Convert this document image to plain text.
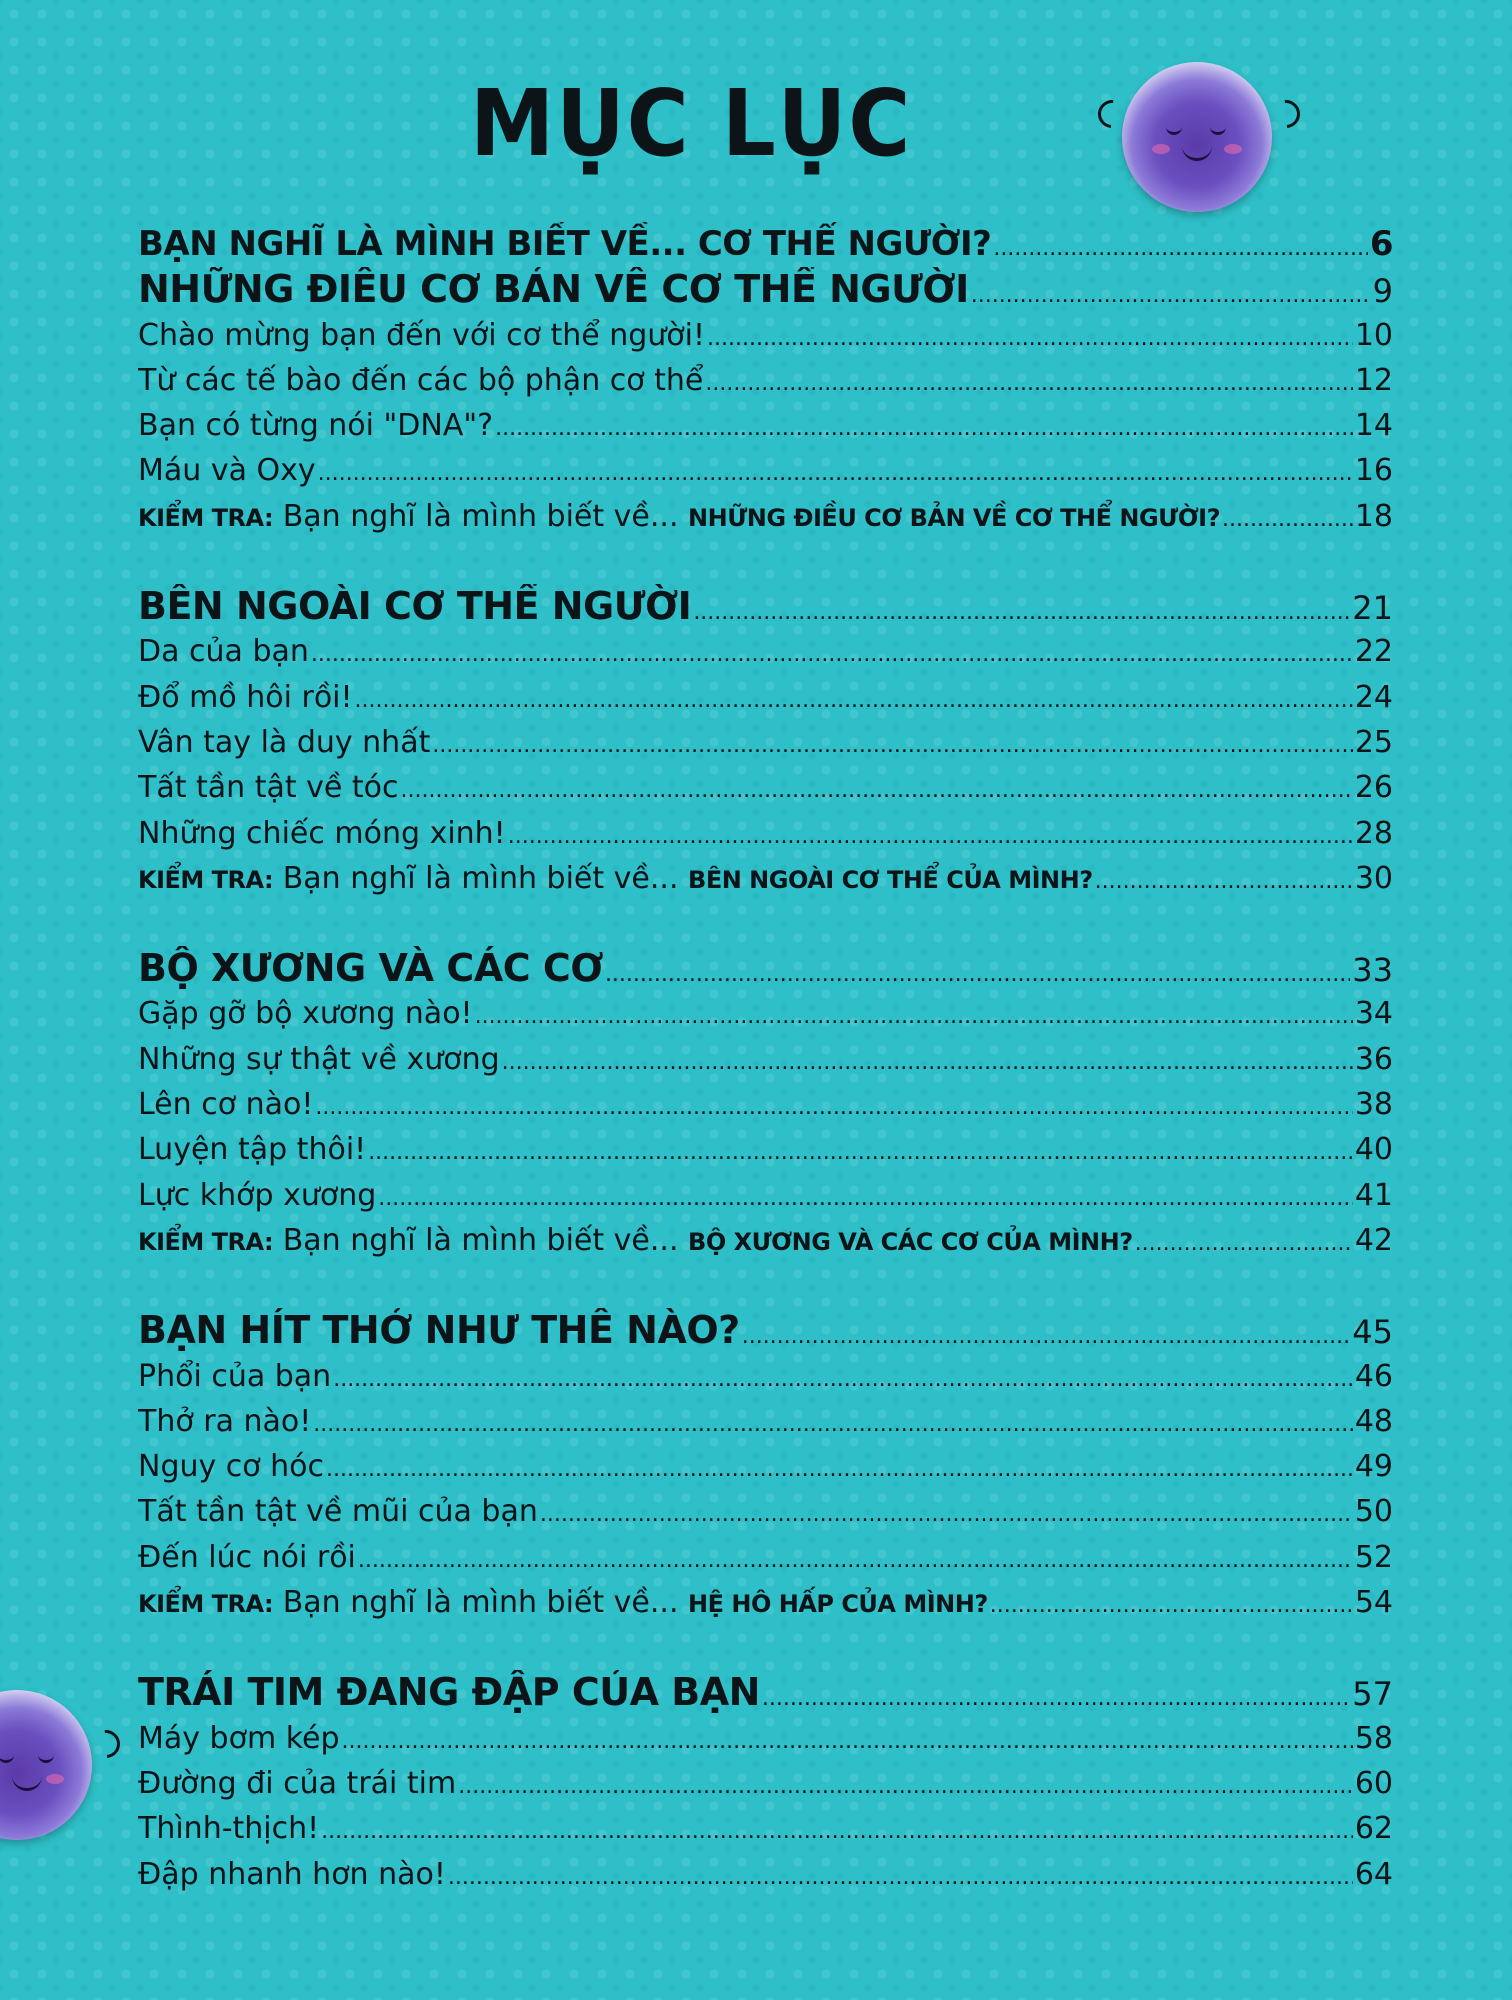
MỤC LỤC
BẠN NGHĨ LÀ MÌNH BIẾT VỀ... CƠ THỂ NGƯỜI? .....	6
NHỮNG ĐIỀU CƠ BẢN VỀ CƠ THỂ NGƯỜI .....	9
Chào mừng bạn đến với cơ thể người! .....	10
Từ các tế bào đến các bộ phận cơ thể .....	12
Bạn có từng nói "DNA"? .....	14
Máu và Oxy .....	16
KIỂM TRA: Bạn nghĩ là mình biết về... NHỮNG ĐIỀU CƠ BẢN VỀ CƠ THỂ NGƯỜI? .....	18
BÊN NGOÀI CƠ THỂ NGƯỜI .....	21
Da của bạn .....	22
Đổ mồ hôi rồi! .....	24
Vân tay là duy nhất .....	25
Tất tần tật về tóc .....	26
Những chiếc móng xinh! .....	28
KIỂM TRA: Bạn nghĩ là mình biết về... BÊN NGOÀI CƠ THỂ CỦA MÌNH? .....	30
BỘ XƯƠNG VÀ CÁC CƠ .....	33
Gặp gỡ bộ xương nào! .....	34
Những sự thật về xương .....	36
Lên cơ nào! .....	38
Luyện tập thôi! .....	40
Lực khớp xương .....	41
KIỂM TRA: Bạn nghĩ là mình biết về... BỘ XƯƠNG VÀ CÁC CƠ CỦA MÌNH? .....	42
BẠN HÍT THỞ NHƯ THẾ NÀO? .....	45
Phổi của bạn .....	46
Thở ra nào! .....	48
Nguy cơ hóc .....	49
Tất tần tật về mũi của bạn .....	50
Đến lúc nói rồi .....	52
KIỂM TRA: Bạn nghĩ là mình biết về... HỆ HÔ HẤP CỦA MÌNH? .....	54
TRÁI TIM ĐANG ĐẬP CỦA BẠN .....	57
Máy bơm kép .....	58
Đường đi của trái tim .....	60
Thình-thịch! .....	62
Đập nhanh hơn nào! .....	64
